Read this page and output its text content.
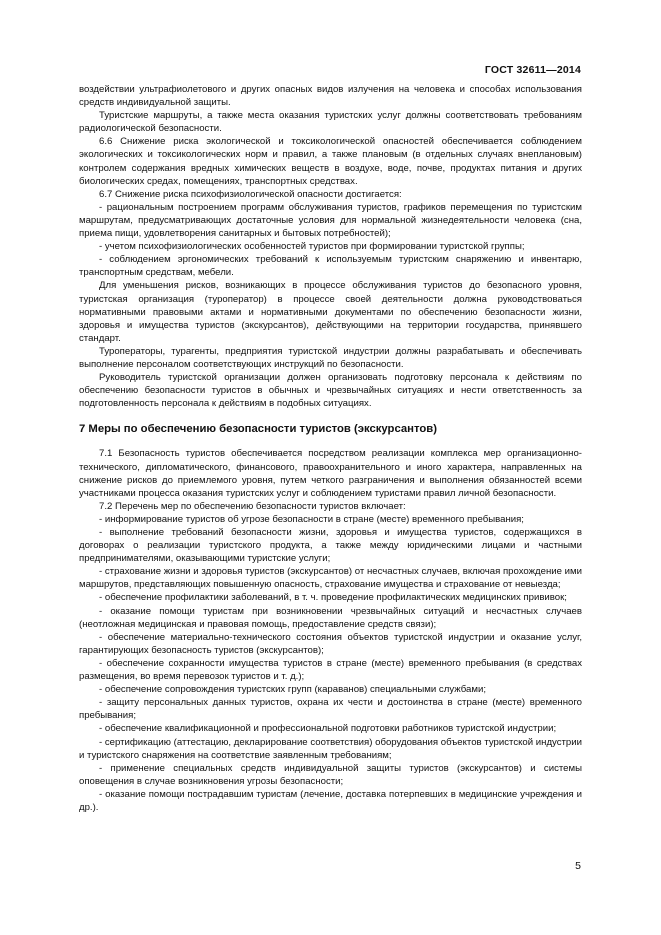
ГОСТ 32611—2014

воздействии ультрафиолетового и других опасных видов излучения на человека и способах использования средств индивидуальной защиты.

Туристские маршруты, а также места оказания туристских услуг должны соответствовать требованиям радиологической безопасности.

6.6 Снижение риска экологической и токсикологической опасностей обеспечивается соблюдением экологических и токсикологических норм и правил, а также плановым (в отдельных случаях внеплановым) контролем содержания вредных химических веществ в воздухе, воде, почве, продуктах питания и других биологических средах, помещениях, транспортных средствах.

6.7 Снижение риска психофизиологической опасности достигается:

- рациональным построением программ обслуживания туристов, графиков перемещения по туристским маршрутам, предусматривающих достаточные условия для нормальной жизнедеятельности человека (сна, приема пищи, удовлетворения санитарных и бытовых потребностей);

- учетом психофизиологических особенностей туристов при формировании туристской группы;

- соблюдением эргономических требований к используемым туристским снаряжению и инвентарю, транспортным средствам, мебели.

Для уменьшения рисков, возникающих в процессе обслуживания туристов до безопасного уровня, туристская организация (туроператор) в процессе своей деятельности должна руководствоваться нормативными правовыми актами и нормативными документами по обеспечению безопасности жизни, здоровья и имущества туристов (экскурсантов), действующими на территории государства, принявшего стандарт.

Туроператоры, турагенты, предприятия туристской индустрии должны разрабатывать и обеспечивать выполнение персоналом соответствующих инструкций по безопасности.

Руководитель туристской организации должен организовать подготовку персонала к действиям по обеспечению безопасности туристов в обычных и чрезвычайных ситуациях и нести ответственность за подготовленность персонала к действиям в подобных ситуациях.

7 Меры по обеспечению безопасности туристов (экскурсантов)

7.1 Безопасность туристов обеспечивается посредством реализации комплекса мер организационно-технического, дипломатического, финансового, правоохранительного и иного характера, направленных на снижение рисков до приемлемого уровня, путем четкого разграничения и выполнения обязанностей всеми участниками процесса оказания туристских услуг и соблюдением туристами правил личной безопасности.

7.2 Перечень мер по обеспечению безопасности туристов включает:

- информирование туристов об угрозе безопасности в стране (месте) временного пребывания;

- выполнение требований безопасности жизни, здоровья и имущества туристов, содержащихся в договорах о реализации туристского продукта, а также между юридическими лицами и частными предпринимателями, оказывающими туристские услуги;

- страхование жизни и здоровья туристов (экскурсантов) от несчастных случаев, включая прохождение ими маршрутов, представляющих повышенную опасность, страхование имущества и страхование от невыезда;

- обеспечение профилактики заболеваний, в т. ч. проведение профилактических медицинских прививок;

- оказание помощи туристам при возникновении чрезвычайных ситуаций и несчастных случаев (неотложная медицинская и правовая помощь, предоставление средств связи);

- обеспечение материально-технического состояния объектов туристской индустрии и оказание услуг, гарантирующих безопасность туристов (экскурсантов);

- обеспечение сохранности имущества туристов в стране (месте) временного пребывания (в средствах размещения, во время перевозок туристов и т. д.);

- обеспечение сопровождения туристских групп (караванов) специальными службами;

- защиту персональных данных туристов, охрана их чести и достоинства в стране (месте) временного пребывания;

- обеспечение квалификационной и профессиональной подготовки работников туристской индустрии;

- сертификацию (аттестацию, декларирование соответствия) оборудования объектов туристской индустрии и туристского снаряжения на соответствие заявленным требованиям;

- применение специальных средств индивидуальной защиты туристов (экскурсантов) и системы оповещения в случае возникновения угрозы безопасности;

- оказание помощи пострадавшим туристам (лечение, доставка потерпевших в медицинские учреждения и др.).

5
